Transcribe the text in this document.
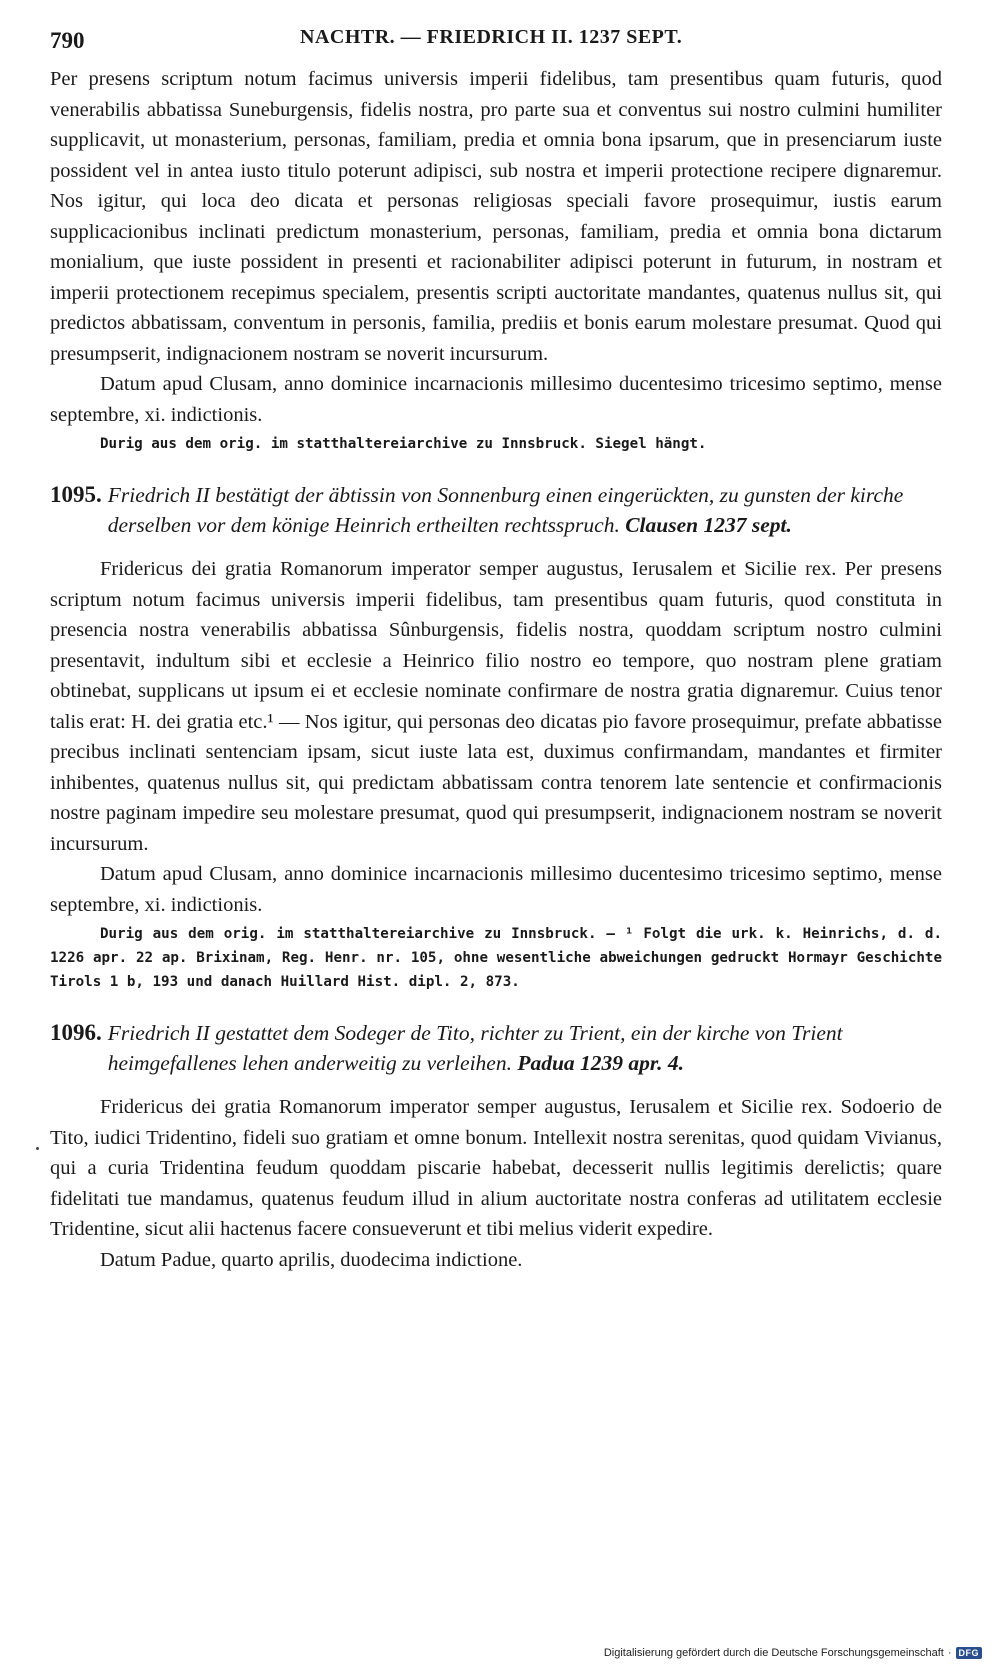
790	NACHTR. — FRIEDRICH II. 1237 SEPT.

Per presens scriptum notum facimus universis imperii fidelibus, tam presentibus quam futuris, quod venerabilis abbatissa Suneburgensis, fidelis nostra, pro parte sua et conventus sui nostro culmini humiliter supplicavit, ut monasterium, personas, familiam, predia et omnia bona ipsarum, que in presenciarum iuste possident vel in antea iusto titulo poterunt adipisci, sub nostra et imperii protectione recipere dignaremur. Nos igitur, qui loca deo dicata et personas religiosas speciali favore prosequimur, iustis earum supplicacionibus inclinati predictum monasterium, personas, familiam, predia et omnia bona dictarum monialium, que iuste possident in presenti et racionabiliter adipisci poterunt in futurum, in nostram et imperii protectionem recepimus specialem, presentis scripti auctoritate mandantes, quatenus nullus sit, qui predictos abbatissam, conventum in personis, familia, prediis et bonis earum molestare presumat. Quod qui presumpserit, indignacionem nostram se noverit incursurum.

Datum apud Clusam, anno dominice incarnacionis millesimo ducentesimo tricesimo septimo, mense septembre, xi. indictionis.

Durig aus dem orig. im statthaltereiarchive zu Innsbruck. Siegel hängt.

1095. Friedrich II bestätigt der äbtissin von Sonnenburg einen eingerückten, zu gunsten der kirche derselben vor dem könige Heinrich ertheilten rechtsspruch. Clausen 1237 sept.

Fridericus dei gratia Romanorum imperator semper augustus, Ierusalem et Sicilie rex. Per presens scriptum notum facimus universis imperii fidelibus, tam presentibus quam futuris, quod constituta in presencia nostra venerabilis abbatissa Sûnburgensis, fidelis nostra, quoddam scriptum nostro culmini presentavit, indultum sibi et ecclesie a Heinrico filio nostro eo tempore, quo nostram plene gratiam obtinebat, supplicans ut ipsum ei et ecclesie nominate confirmare de nostra gratia dignaremur. Cuius tenor talis erat: H. dei gratia etc.¹ — Nos igitur, qui personas deo dicatas pio favore prosequimur, prefate abbatisse precibus inclinati sentenciam ipsam, sicut iuste lata est, duximus confirmandam, mandantes et firmiter inhibentes, quatenus nullus sit, qui predictam abbatissam contra tenorem late sentencie et confirmacionis nostre paginam impedire seu molestare presumat, quod qui presumpserit, indignacionem nostram se noverit incursurum.

Datum apud Clusam, anno dominice incarnacionis millesimo ducentesimo tricesimo septimo, mense septembre, xi. indictionis.

Durig aus dem orig. im statthaltereiarchive zu Innsbruck. — ¹ Folgt die urk. k. Heinrichs, d. d. 1226 apr. 22 ap. Brixinam, Reg. Henr. nr. 105, ohne wesentliche abweichungen gedruckt Hormayr Geschichte Tirols 1 b, 193 und danach Huillard Hist. dipl. 2, 873.

1096. Friedrich II gestattet dem Sodeger de Tito, richter zu Trient, ein der kirche von Trient heimgefallenes lehen anderweitig zu verleihen. Padua 1239 apr. 4.

Fridericus dei gratia Romanorum imperator semper augustus, Ierusalem et Sicilie rex. Sodoerio de Tito, iudici Tridentino, fideli suo gratiam et omne bonum. Intellexit nostra serenitas, quod quidam Vivianus, qui a curia Tridentina feudum quoddam piscarie habebat, decesserit nullis legitimis derelictis; quare fidelitati tue mandamus, quatenus feudum illud in alium auctoritate nostra conferas ad utilitatem ecclesie Tridentine, sicut alii hactenus facere consueverunt et tibi melius viderit expedire.

Datum Padue, quarto aprilis, duodecima indictione.

Digitalisierung gefördert durch die Deutsche Forschungsgemeinschaft · DFG
